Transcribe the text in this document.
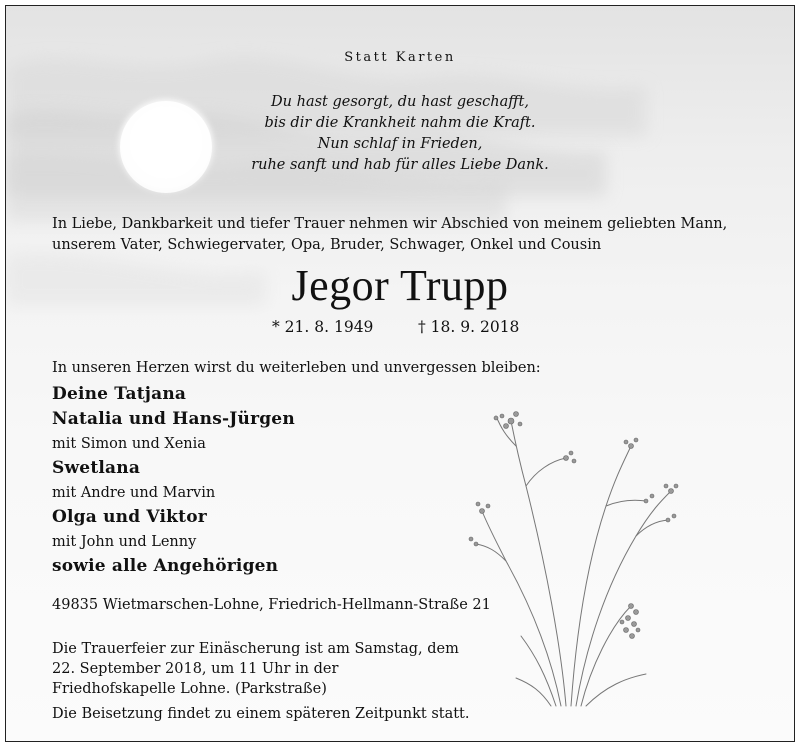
Statt Karten
Du hast gesorgt, du hast geschafft,
bis dir die Krankheit nahm die Kraft.
Nun schlaf in Frieden,
ruhe sanft und hab für alles Liebe Dank.
In Liebe, Dankbarkeit und tiefer Trauer nehmen wir Abschied von meinem geliebten Mann,
unserem Vater, Schwiegervater, Opa, Bruder, Schwager, Onkel und Cousin
Jegor Trupp
* 21. 8. 1949	† 18. 9. 2018
In unseren Herzen wirst du weiterleben und unvergessen bleiben:
Deine Tatjana
Natalia und Hans-Jürgen
mit Simon und Xenia
Swetlana
mit Andre und Marvin
Olga und Viktor
mit John und Lenny
sowie alle Angehörigen
49835 Wietmarschen-Lohne, Friedrich-Hellmann-Straße 21
Die Trauerfeier zur Einäscherung ist am Samstag, dem
22. September 2018, um 11 Uhr in der
Friedhofskapelle Lohne. (Parkstraße)
Die Beisetzung findet zu einem späteren Zeitpunkt statt.
